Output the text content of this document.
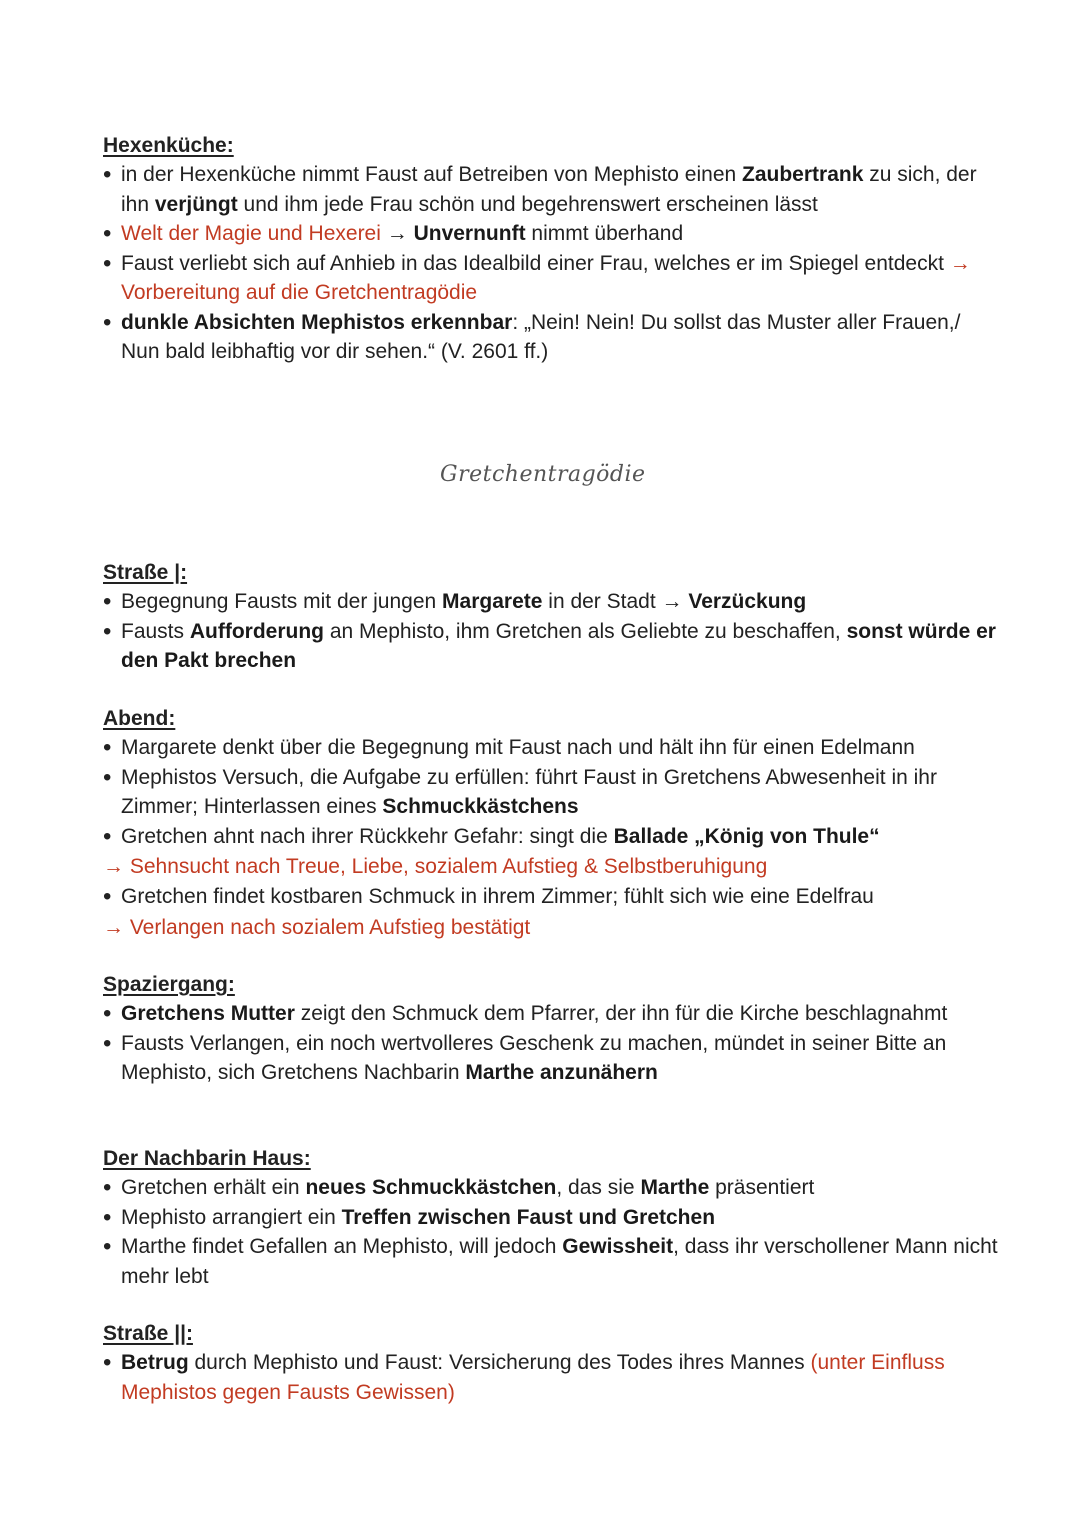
Hexenküche:

• in der Hexenküche nimmt Faust auf Betreiben von Mephisto einen Zaubertrank zu sich, der ihn verjüngt und ihm jede Frau schön und begehrenswert erscheinen lässt
• Welt der Magie und Hexerei → Unvernunft nimmt überhand
• Faust verliebt sich auf Anhieb in das Idealbild einer Frau, welches er im Spiegel entdeckt → Vorbereitung auf die Gretchentragödie
• dunkle Absichten Mephistos erkennbar: „Nein! Nein! Du sollst das Muster aller Frauen,/ Nun bald leibhaftig vor dir sehen.“ (V. 2601 ff.)
Gretchentragödie

Straße |:

• Begegnung Fausts mit der jungen Margarete in der Stadt → Verzückung
• Fausts Aufforderung an Mephisto, ihm Gretchen als Geliebte zu beschaffen, sonst würde er den Pakt brechen

Abend:

• Margarete denkt über die Begegnung mit Faust nach und hält ihn für einen Edelmann
• Mephistos Versuch, die Aufgabe zu erfüllen: führt Faust in Gretchens Abwesenheit in ihr Zimmer; Hinterlassen eines Schmuckkästchens
• Gretchen ahnt nach ihrer Rückkehr Gefahr: singt die Ballade „König von Thule“
→ Sehnsucht nach Treue, Liebe, sozialem Aufstieg & Selbstberuhigung
• Gretchen findet kostbaren Schmuck in ihrem Zimmer; fühlt sich wie eine Edelfrau
→ Verlangen nach sozialem Aufstieg bestätigt

Spaziergang:

• Gretchens Mutter zeigt den Schmuck dem Pfarrer, der ihn für die Kirche beschlagnahmt
• Fausts Verlangen, ein noch wertvolleres Geschenk zu machen, mündet in seiner Bitte an Mephisto, sich Gretchens Nachbarin Marthe anzunähern

Der Nachbarin Haus:

• Gretchen erhält ein neues Schmuckkästchen, das sie Marthe präsentiert
• Mephisto arrangiert ein Treffen zwischen Faust und Gretchen
• Marthe findet Gefallen an Mephisto, will jedoch Gewissheit, dass ihr verschollener Mann nicht mehr lebt

Straße ||:

• Betrug durch Mephisto und Faust: Versicherung des Todes ihres Mannes (unter Einfluss Mephistos gegen Fausts Gewissen)
